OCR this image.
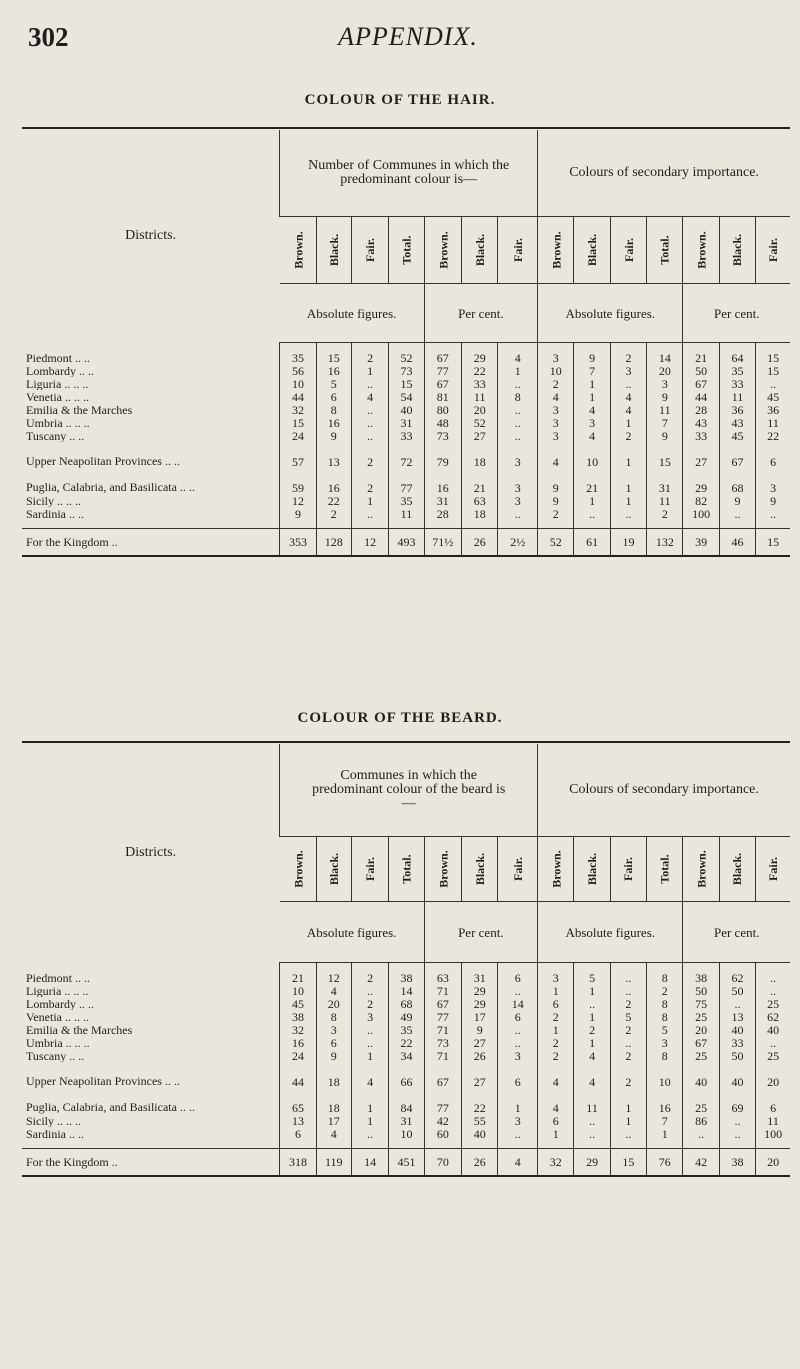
302	APPENDIX.
COLOUR OF THE HAIR.
Districts.	Number of Communes in which the predominant colour is—							Colours of secondary importance.						
	Brown.	Black.	Fair.	Total.	Brown.	Black.	Fair.	Brown.	Black.	Fair.	Total.	Brown.	Black.	Fair.
	Absolute figures.				Per cent.			Absolute figures.				Per cent.		

Piedmont .. ..	35	15	2	52	67	29	4	3	9	2	14	21	64	15
Lombardy .. ..	56	16	1	73	77	22	1	10	7	3	20	50	35	15
Liguria .. .. ..	10	5	..	15	67	33	..	2	1	..	3	67	33	..
Venetia .. .. ..	44	6	4	54	81	11	8	4	1	4	9	44	11	45
Emilia & the Marches	32	8	..	40	80	20	..	3	4	4	11	28	36	36
Umbria .. .. ..	15	16	..	31	48	52	..	3	3	1	7	43	43	11
Tuscany .. ..	24	9	..	33	73	27	..	3	4	2	9	33	45	22
Upper Neapolitan Provinces .. ..	57	13	2	72	79	18	3	4	10	1	15	27	67	6
Puglia, Calabria, and Basilicata .. ..	59	16	2	77	16	21	3	9	21	1	31	29	68	3
Sicily .. .. ..	12	22	1	35	31	63	3	9	1	1	11	82	9	9
Sardinia .. ..	9	2	..	11	28	18	..	2	..	..	2	100	..	..

For the Kingdom ..	353	128	12	493	71½	26	2½	52	61	19	132	39	46	15
COLOUR OF THE BEARD.
Districts.	Communes in which the predominant colour of the beard is—							Colours of secondary importance.						
	Brown.	Black.	Fair.	Total.	Brown.	Black.	Fair.	Brown.	Black.	Fair.	Total.	Brown.	Black.	Fair.
	Absolute figures.				Per cent.			Absolute figures.				Per cent.		

Piedmont .. ..	21	12	2	38	63	31	6	3	5	..	8	38	62	..
Liguria .. .. ..	10	4	..	14	71	29	..	1	1	..	2	50	50	..
Lombardy .. ..	45	20	2	68	67	29	14	6	..	2	8	75	..	25
Venetia .. .. ..	38	8	3	49	77	17	6	2	1	5	8	25	13	62
Emilia & the Marches	32	3	..	35	71	9	..	1	2	2	5	20	40	40
Umbria .. .. ..	16	6	..	22	73	27	..	2	1	..	3	67	33	..
Tuscany .. ..	24	9	1	34	71	26	3	2	4	2	8	25	50	25
Upper Neapolitan Provinces .. ..	44	18	4	66	67	27	6	4	4	2	10	40	40	20
Puglia, Calabria, and Basilicata .. ..	65	18	1	84	77	22	1	4	11	1	16	25	69	6
Sicily .. .. ..	13	17	1	31	42	55	3	6	..	1	7	86	..	11
Sardinia .. ..	6	4	..	10	60	40	..	1	..	..	1	..	..	100

For the Kingdom ..	318	119	14	451	70	26	4	32	29	15	76	42	38	20
